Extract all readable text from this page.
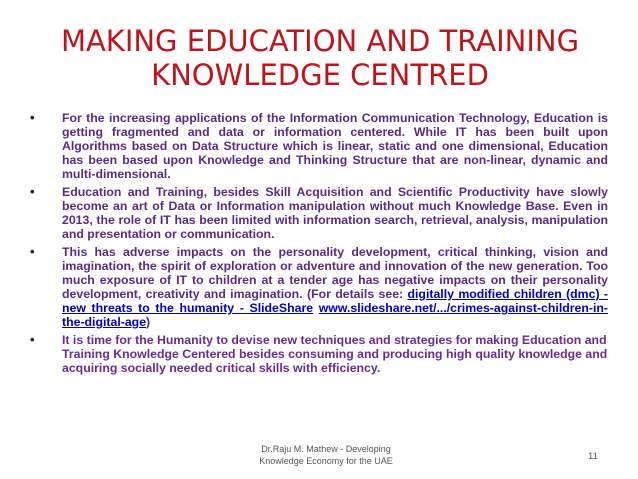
MAKING EDUCATION AND TRAINING
KNOWLEDGE CENTRED
• For the increasing applications of the Information Communication Technology, Education is getting fragmented and data or information centered. While IT has been built upon Algorithms based on Data Structure which is linear, static and one dimensional, Education has been based upon Knowledge and Thinking Structure that are non-linear, dynamic and multi-dimensional.
• Education and Training, besides Skill Acquisition and Scientific Productivity have slowly become an art of Data or Information manipulation without much Knowledge Base. Even in 2013, the role of IT has been limited with information search, retrieval, analysis, manipulation and presentation or communication.
• This has adverse impacts on the personality development, critical thinking, vision and imagination, the spirit of exploration or adventure and innovation of the new generation. Too much exposure of IT to children at a tender age has negative impacts on their personality development, creativity and imagination. (For details see: digitally modified children (dmc) - new threats to the humanity - SlideShare www.slideshare.net/.../crimes-against-children-in-the-digital-age)
• It is time for the Humanity to devise new techniques and strategies for making Education and Training Knowledge Centered besides consuming and producing high quality knowledge and acquiring socially needed critical skills with efficiency.
Dr.Raju M. Mathew - Developing
Knowledge Economy for the UAE	11
